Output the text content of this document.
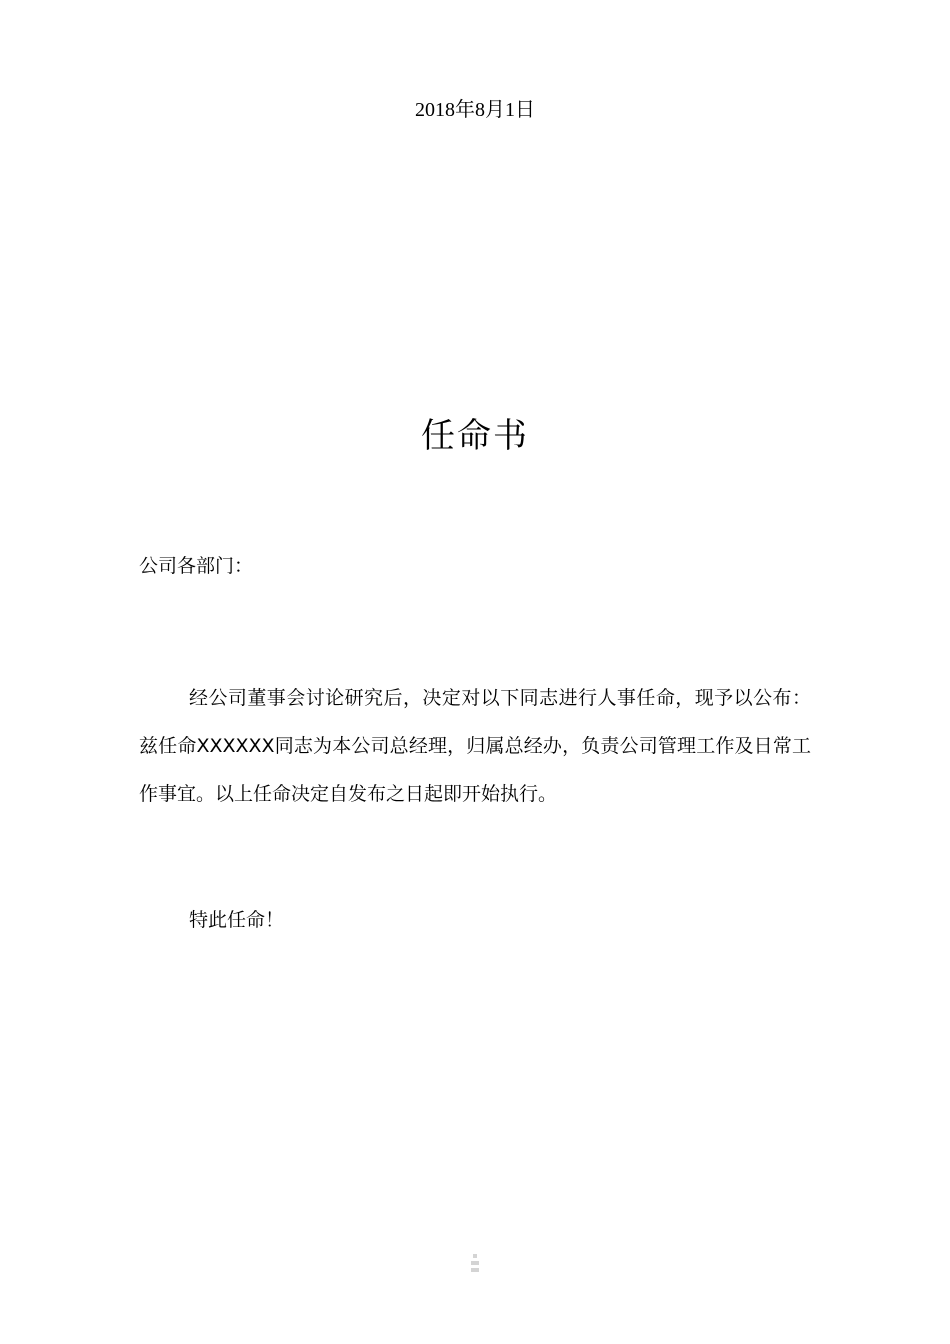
2018年8月1日
任命书
公司各部门：
经公司董事会讨论研究后，决定对以下同志进行人事任命，现予以公布：兹任命XXXXXX同志为本公司总经理，归属总经办，负责公司管理工作及日常工作事宜。以上任命决定自发布之日起即开始执行。
特此任命！
